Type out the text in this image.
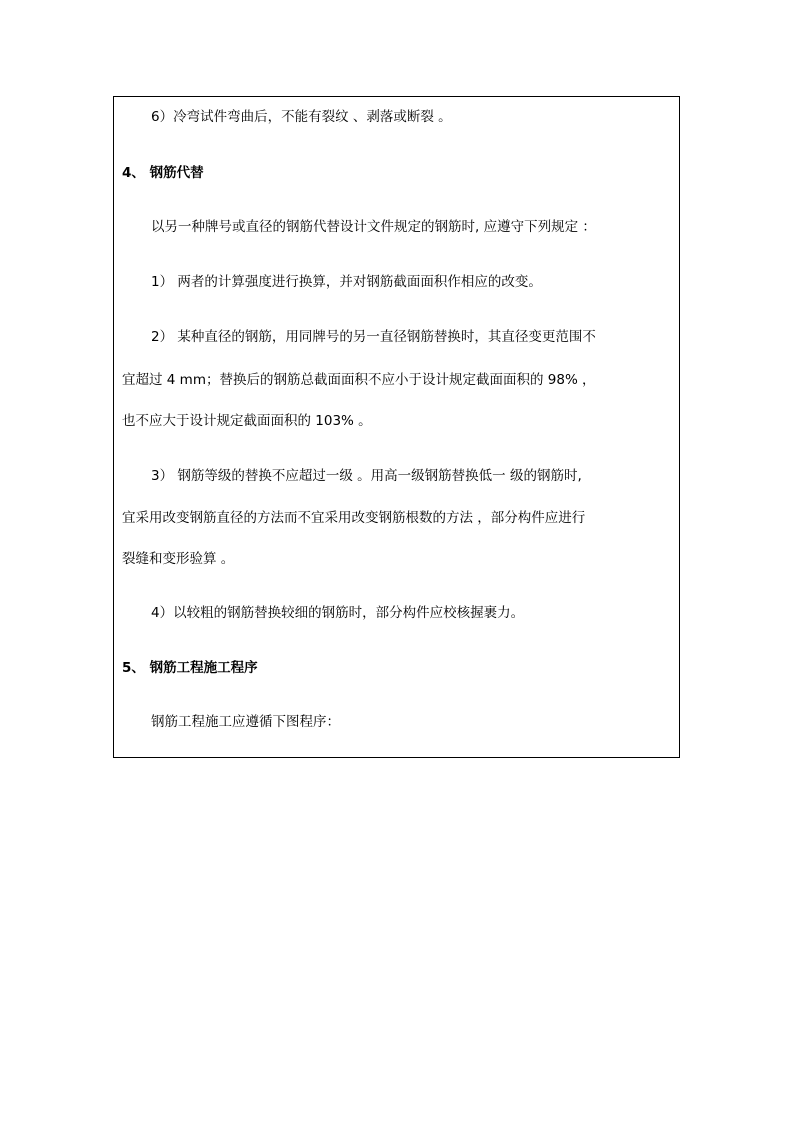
6）冷弯试件弯曲后，不能有裂纹 、剥落或断裂 。
4、 钢筋代替
以另一种牌号或直径的钢筋代替设计文件规定的钢筋时, 应遵守下列规定 ：
1） 两者的计算强度进行换算，并对钢筋截面面积作相应的改变。
2） 某种直径的钢筋，用同牌号的另一直径钢筋替换时，其直径变更范围不
宜超过 4 mm；替换后的钢筋总截面面积不应小于设计规定截面面积的 98% ，
也不应大于设计规定截面面积的 103% 。
3） 钢筋等级的替换不应超过一级 。用高一级钢筋替换低一 级的钢筋时,
宜采用改变钢筋直径的方法而不宜采用改变钢筋根数的方法 ，部分构件应进行
裂缝和变形验算 。
4）以较粗的钢筋替换较细的钢筋时，部分构件应校核握裹力。
5、 钢筋工程施工程序
钢筋工程施工应遵循下图程序：
